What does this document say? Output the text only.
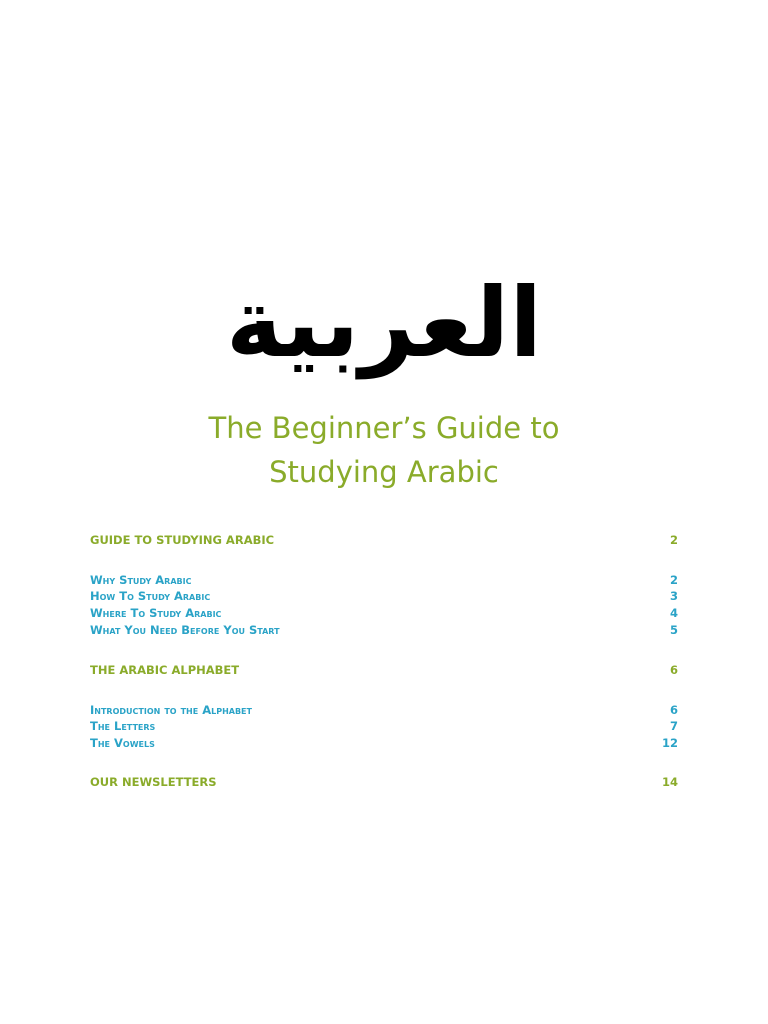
العربية
The Beginner’s Guide to
Studying Arabic
GUIDE TO STUDYING ARABIC	2
Why Study Arabic	2
How To Study Arabic	3
Where To Study Arabic	4
What You Need Before You Start	5
THE ARABIC ALPHABET	6
Introduction to the Alphabet	6
The Letters	7
The Vowels	12
OUR NEWSLETTERS	14
